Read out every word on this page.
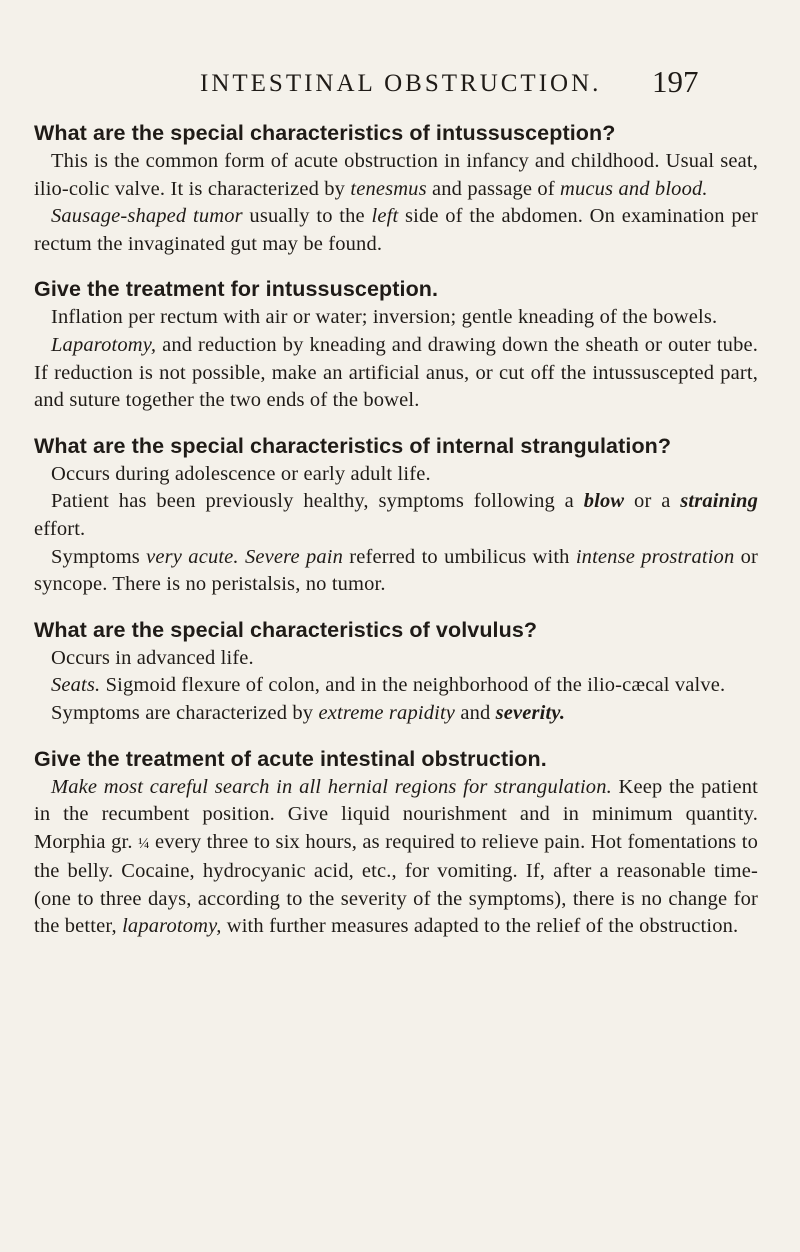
INTESTINAL OBSTRUCTION. 197

What are the special characteristics of intussusception?

This is the common form of acute obstruction in infancy and childhood. Usual seat, ilio-colic valve. It is characterized by tenesmus and passage of mucus and blood.

Sausage-shaped tumor usually to the left side of the abdomen. On examination per rectum the invaginated gut may be found.

Give the treatment for intussusception.

Inflation per rectum with air or water; inversion; gentle kneading of the bowels.

Laparotomy, and reduction by kneading and drawing down the sheath or outer tube. If reduction is not possible, make an artificial anus, or cut off the intussuscepted part, and suture together the two ends of the bowel.

What are the special characteristics of internal strangulation?

Occurs during adolescence or early adult life.

Patient has been previously healthy, symptoms following a blow or a straining effort.

Symptoms very acute. Severe pain referred to umbilicus with intense prostration or syncope. There is no peristalsis, no tumor.

What are the special characteristics of volvulus?

Occurs in advanced life.

Seats. Sigmoid flexure of colon, and in the neighborhood of the ilio-cæcal valve.

Symptoms are characterized by extreme rapidity and severity.

Give the treatment of acute intestinal obstruction.

Make most careful search in all hernial regions for strangulation. Keep the patient in the recumbent position. Give liquid nourishment and in minimum quantity. Morphia gr. ¼ every three to six hours, as required to relieve pain. Hot fomentations to the belly. Cocaine, hydrocyanic acid, etc., for vomiting. If, after a reasonable time-(one to three days, according to the severity of the symptoms), there is no change for the better, laparotomy, with further measures adapted to the relief of the obstruction.
